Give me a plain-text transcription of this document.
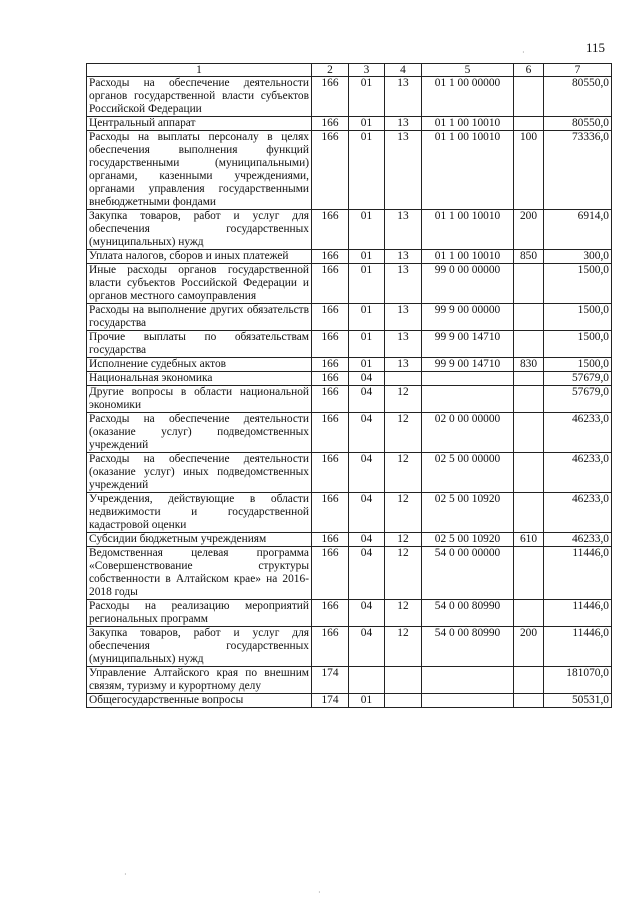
115
1	2	3	4	5	6	7
Расходы на обеспечение деятельности органов государственной власти субъектов Российской Федерации	166	01	13	01 1 00 00000		80550,0
Центральный аппарат	166	01	13	01 1 00 10010		80550,0
Расходы на выплаты персоналу в целях обеспечения выполнения функций государственными (муниципальными) органами, казенными учреждениями, органами управления государственными внебюджетными фондами	166	01	13	01 1 00 10010	100	73336,0
Закупка товаров, работ и услуг для обеспечения государственных (муниципальных) нужд	166	01	13	01 1 00 10010	200	6914,0
Уплата налогов, сборов и иных платежей	166	01	13	01 1 00 10010	850	300,0
Иные расходы органов государственной власти субъектов Российской Федерации и органов местного самоуправления	166	01	13	99 0 00 00000		1500,0
Расходы на выполнение других обязательств государства	166	01	13	99 9 00 00000		1500,0
Прочие выплаты по обязательствам государства	166	01	13	99 9 00 14710		1500,0
Исполнение судебных актов	166	01	13	99 9 00 14710	830	1500,0
Национальная экономика	166	04				57679,0
Другие вопросы в области национальной экономики	166	04	12			57679,0
Расходы на обеспечение деятельности (оказание услуг) подведомственных учреждений	166	04	12	02 0 00 00000		46233,0
Расходы на обеспечение деятельности (оказание услуг) иных подведомственных учреждений	166	04	12	02 5 00 00000		46233,0
Учреждения, действующие в области недвижимости и государственной кадастровой оценки	166	04	12	02 5 00 10920		46233,0
Субсидии бюджетным учреждениям	166	04	12	02 5 00 10920	610	46233,0
Ведомственная целевая программа «Совершенствование структуры собственности в Алтайском крае» на 2016-2018 годы	166	04	12	54 0 00 00000		11446,0
Расходы на реализацию мероприятий региональных программ	166	04	12	54 0 00 80990		11446,0
Закупка товаров, работ и услуг для обеспечения государственных (муниципальных) нужд	166	04	12	54 0 00 80990	200	11446,0
Управление Алтайского края по внешним связям, туризму и курортному делу	174					181070,0
Общегосударственные вопросы	174	01				50531,0
·
·
·
